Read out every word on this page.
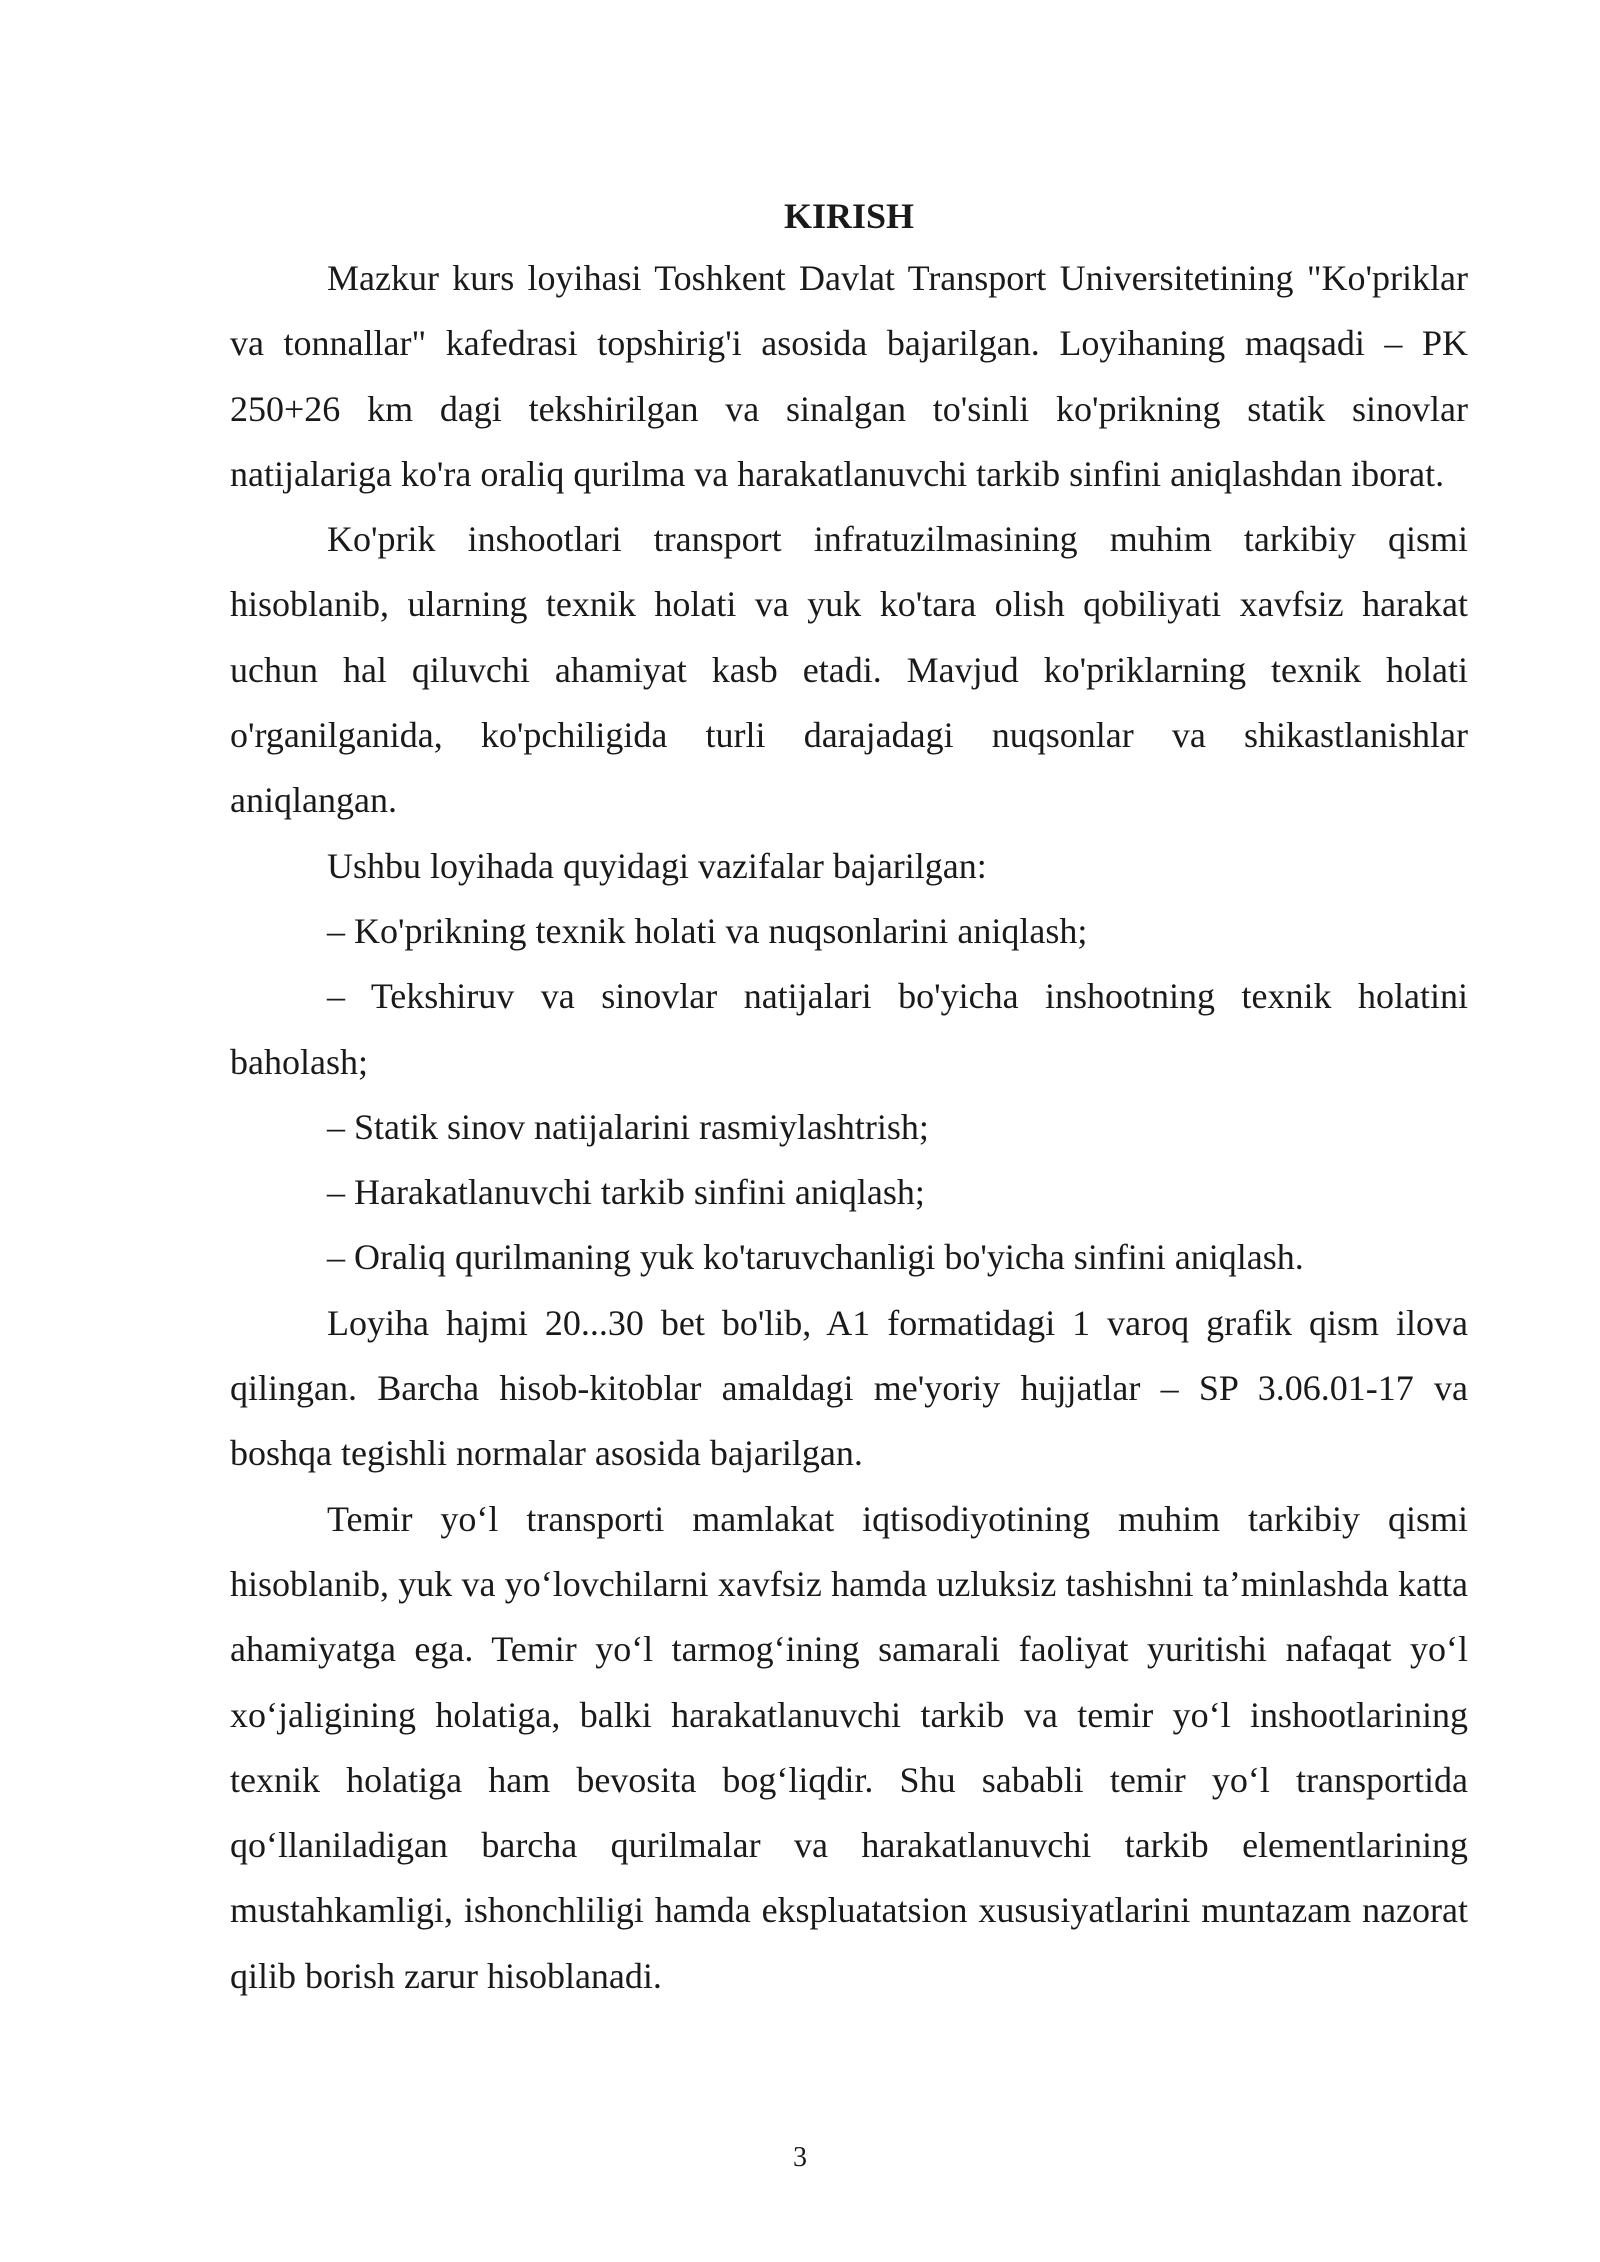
KIRISH

Mazkur kurs loyihasi Toshkent Davlat Transport Universitetining "Ko'priklar va tonnallar" kafedrasi topshirig'i asosida bajarilgan. Loyihaning maqsadi – PK 250+26 km dagi tekshirilgan va sinalgan to'sinli ko'prikning statik sinovlar natijalariga ko'ra oraliq qurilma va harakatlanuvchi tarkib sinfini aniqlashdan iborat.

Ko'prik inshootlari transport infratuzilmasining muhim tarkibiy qismi hisoblanib, ularning texnik holati va yuk ko'tara olish qobiliyati xavfsiz harakat uchun hal qiluvchi ahamiyat kasb etadi. Mavjud ko'priklarning texnik holati o'rganilganida, ko'pchiligida turli darajadagi nuqsonlar va shikastlanishlar aniqlangan.

Ushbu loyihada quyidagi vazifalar bajarilgan:

– Ko'prikning texnik holati va nuqsonlarini aniqlash;

– Tekshiruv va sinovlar natijalari bo'yicha inshootning texnik holatini baholash;

– Statik sinov natijalarini rasmiylashtrish;

– Harakatlanuvchi tarkib sinfini aniqlash;

– Oraliq qurilmaning yuk ko'taruvchanligi bo'yicha sinfini aniqlash.

Loyiha hajmi 20...30 bet bo'lib, A1 formatidagi 1 varoq grafik qism ilova qilingan. Barcha hisob-kitoblar amaldagi me'yoriy hujjatlar – SP 3.06.01-17 va boshqa tegishli normalar asosida bajarilgan.

Temir yoʻl transporti mamlakat iqtisodiyotining muhim tarkibiy qismi hisoblanib, yuk va yoʻlovchilarni xavfsiz hamda uzluksiz tashishni taʼminlashda katta ahamiyatga ega. Temir yoʻl tarmogʻining samarali faoliyat yuritishi nafaqat yoʻl xoʻjaligining holatiga, balki harakatlanuvchi tarkib va temir yoʻl inshootlarining texnik holatiga ham bevosita bogʻliqdir. Shu sababli temir yoʻl transportida qoʻllaniladigan barcha qurilmalar va harakatlanuvchi tarkib elementlarining mustahkamligi, ishonchliligi hamda ekspluatatsion xususiyatlarini muntazam nazorat qilib borish zarur hisoblanadi.

3
